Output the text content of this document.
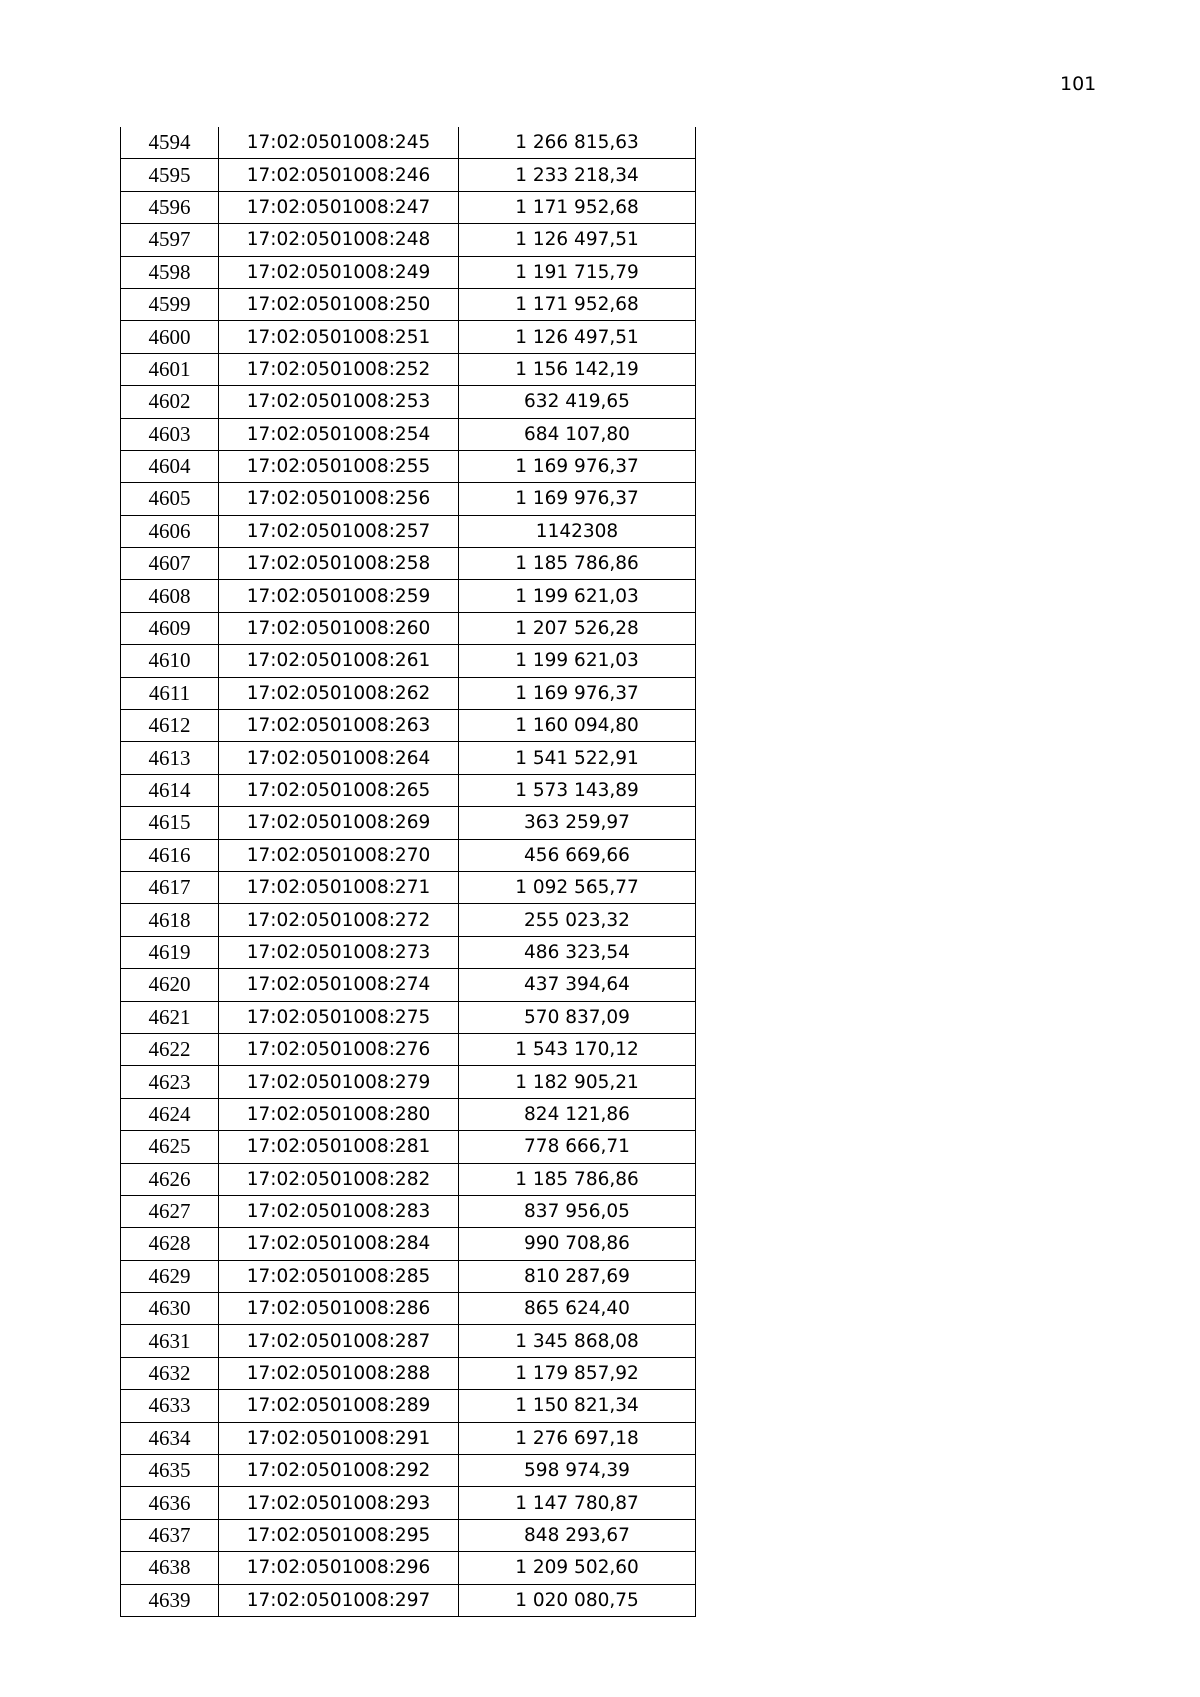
101
4594	17:02:0501008:245	1 266 815,63
4595	17:02:0501008:246	1 233 218,34
4596	17:02:0501008:247	1 171 952,68
4597	17:02:0501008:248	1 126 497,51
4598	17:02:0501008:249	1 191 715,79
4599	17:02:0501008:250	1 171 952,68
4600	17:02:0501008:251	1 126 497,51
4601	17:02:0501008:252	1 156 142,19
4602	17:02:0501008:253	632 419,65
4603	17:02:0501008:254	684 107,80
4604	17:02:0501008:255	1 169 976,37
4605	17:02:0501008:256	1 169 976,37
4606	17:02:0501008:257	1142308
4607	17:02:0501008:258	1 185 786,86
4608	17:02:0501008:259	1 199 621,03
4609	17:02:0501008:260	1 207 526,28
4610	17:02:0501008:261	1 199 621,03
4611	17:02:0501008:262	1 169 976,37
4612	17:02:0501008:263	1 160 094,80
4613	17:02:0501008:264	1 541 522,91
4614	17:02:0501008:265	1 573 143,89
4615	17:02:0501008:269	363 259,97
4616	17:02:0501008:270	456 669,66
4617	17:02:0501008:271	1 092 565,77
4618	17:02:0501008:272	255 023,32
4619	17:02:0501008:273	486 323,54
4620	17:02:0501008:274	437 394,64
4621	17:02:0501008:275	570 837,09
4622	17:02:0501008:276	1 543 170,12
4623	17:02:0501008:279	1 182 905,21
4624	17:02:0501008:280	824 121,86
4625	17:02:0501008:281	778 666,71
4626	17:02:0501008:282	1 185 786,86
4627	17:02:0501008:283	837 956,05
4628	17:02:0501008:284	990 708,86
4629	17:02:0501008:285	810 287,69
4630	17:02:0501008:286	865 624,40
4631	17:02:0501008:287	1 345 868,08
4632	17:02:0501008:288	1 179 857,92
4633	17:02:0501008:289	1 150 821,34
4634	17:02:0501008:291	1 276 697,18
4635	17:02:0501008:292	598 974,39
4636	17:02:0501008:293	1 147 780,87
4637	17:02:0501008:295	848 293,67
4638	17:02:0501008:296	1 209 502,60
4639	17:02:0501008:297	1 020 080,75
